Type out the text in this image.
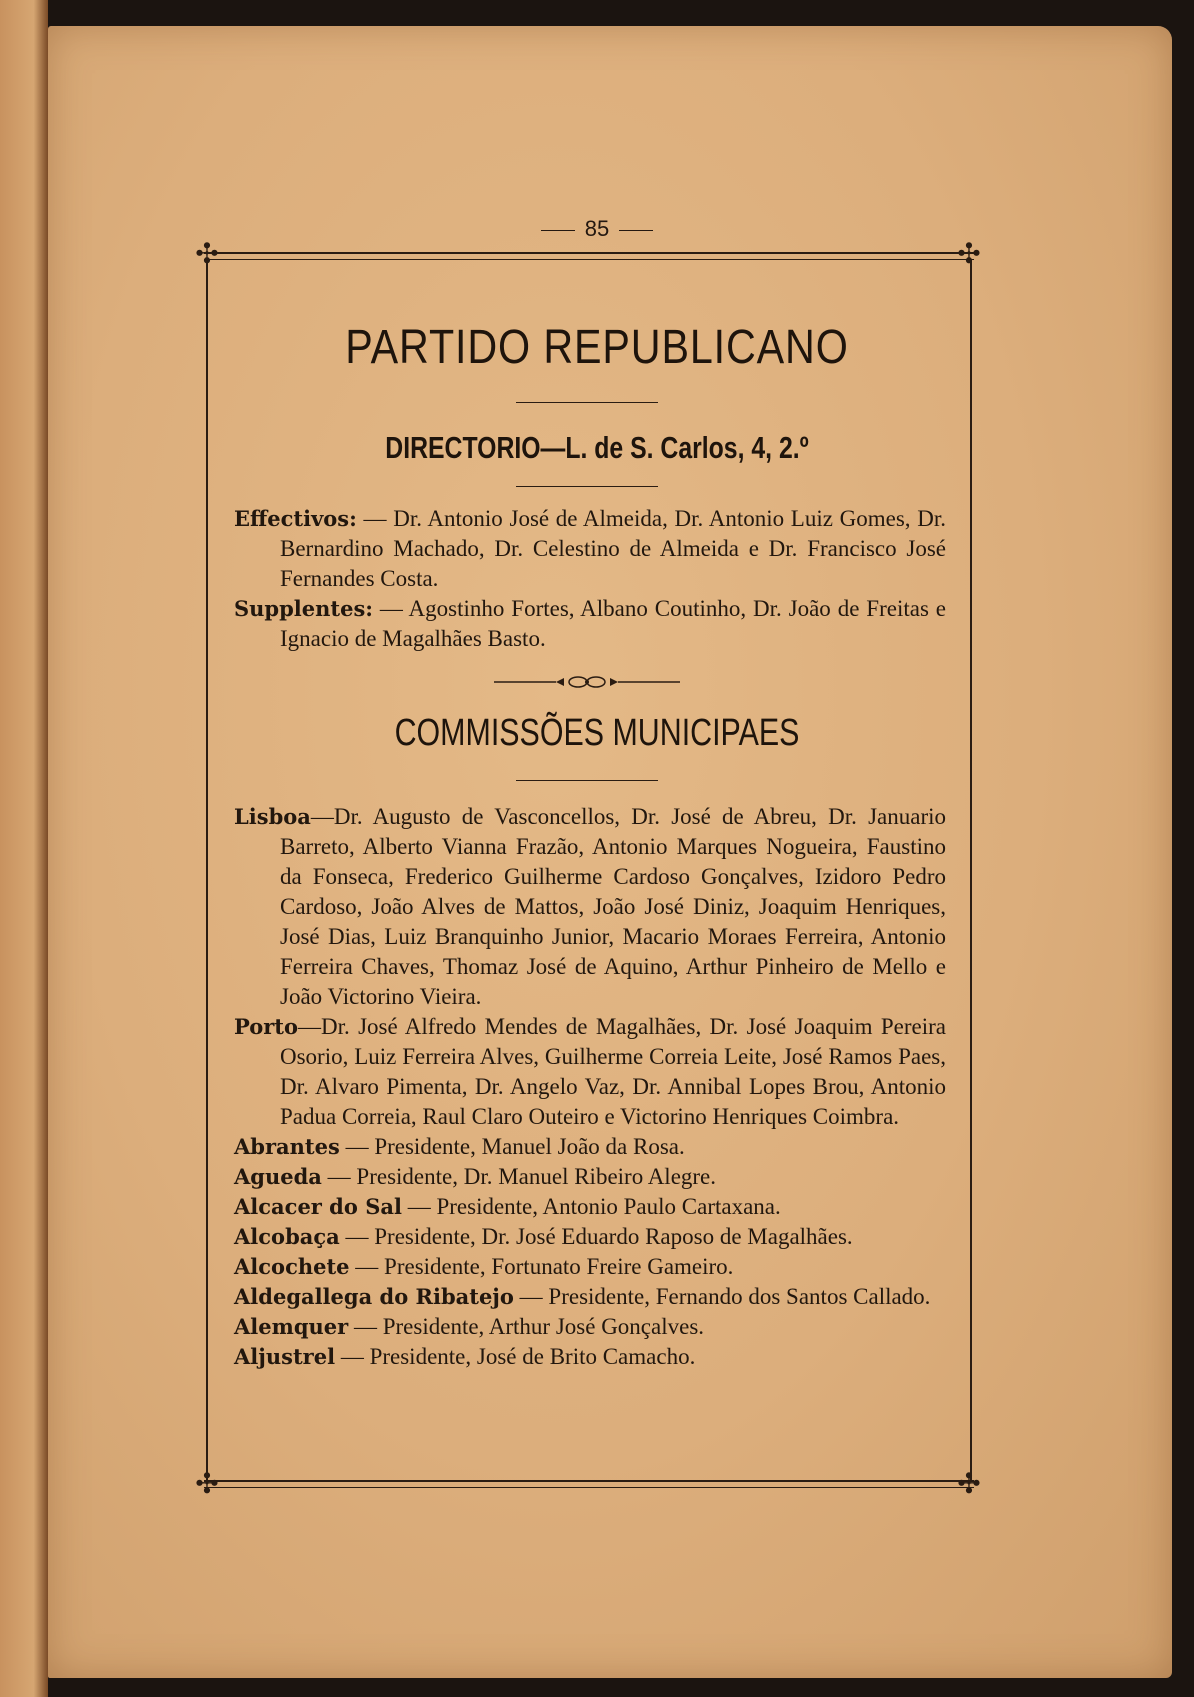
85
✣	✣
✣	✣
PARTIDO REPUBLICANO
DIRECTORIO—L. de S. Carlos, 4, 2.º

Effectivos: — Dr. Antonio José de Almeida, Dr. Antonio Luiz Gomes, Dr. Bernardino Machado, Dr. Celestino de Almeida e Dr. Francisco José Fernandes Costa.

Supplentes: — Agostinho Fortes, Albano Coutinho, Dr. João de Freitas e Ignacio de Magalhães Basto.

COMMISSÕES MUNICIPAES

Lisboa—Dr. Augusto de Vasconcellos, Dr. José de Abreu, Dr. Januario Barreto, Alberto Vianna Frazão, Antonio Marques Nogueira, Faustino da Fonseca, Frederico Guilherme Cardoso Gonçalves, Izidoro Pedro Cardoso, João Alves de Mattos, João José Diniz, Joaquim Henriques, José Dias, Luiz Branquinho Junior, Macario Moraes Ferreira, Antonio Ferreira Chaves, Thomaz José de Aquino, Arthur Pinheiro de Mello e João Victorino Vieira.

Porto—Dr. José Alfredo Mendes de Magalhães, Dr. José Joaquim Pereira Osorio, Luiz Ferreira Alves, Guilherme Correia Leite, José Ramos Paes, Dr. Alvaro Pimenta, Dr. Angelo Vaz, Dr. Annibal Lopes Brou, Antonio Padua Correia, Raul Claro Outeiro e Victorino Henriques Coimbra.

Abrantes — Presidente, Manuel João da Rosa.

Agueda — Presidente, Dr. Manuel Ribeiro Alegre.

Alcacer do Sal — Presidente, Antonio Paulo Cartaxana.

Alcobaça — Presidente, Dr. José Eduardo Raposo de Magalhães.

Alcochete — Presidente, Fortunato Freire Gameiro.

Aldegallega do Ribatejo — Presidente, Fernando dos Santos Callado.

Alemquer — Presidente, Arthur José Gonçalves.

Aljustrel — Presidente, José de Brito Camacho.
